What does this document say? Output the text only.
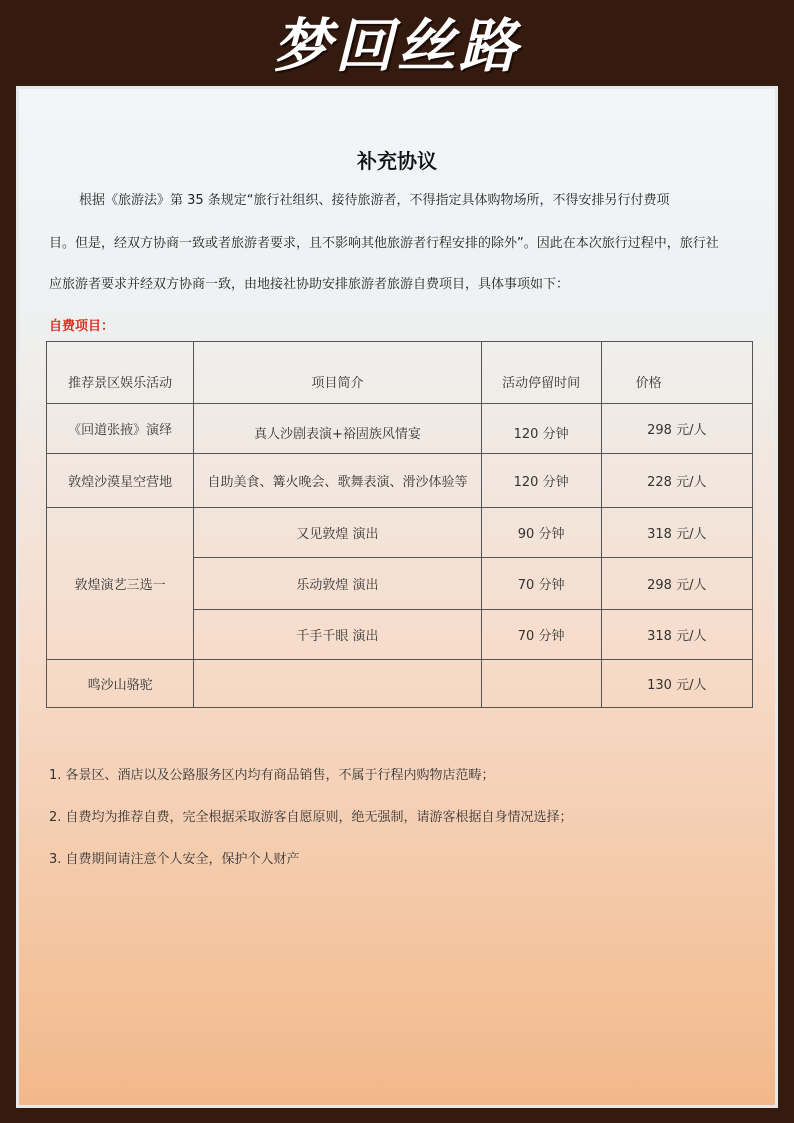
梦回丝路
补充协议
根据《旅游法》第 35 条规定“旅行社组织、接待旅游者，不得指定具体购物场所，不得安排另行付费项
目。但是，经双方协商一致或者旅游者要求，且不影响其他旅游者行程安排的除外”。因此在本次旅行过程中，旅行社
应旅游者要求并经双方协商一致，由地接社协助安排旅游者旅游自费项目，具体事项如下：
自费项目：
推荐景区娱乐活动	项目简介	活动停留时间	价格
《回道张掖》演绎	真人沙剧表演+裕固族风情宴	120 分钟	298 元/人
敦煌沙漠星空营地	自助美食、篝火晚会、歌舞表演、滑沙体验等	120 分钟	228 元/人
敦煌演艺三选一	又见敦煌 演出	90 分钟	318 元/人
	乐动敦煌 演出	70 分钟	298 元/人
	千手千眼 演出	70 分钟	318 元/人
鸣沙山骆驼			130 元/人
1. 各景区、酒店以及公路服务区内均有商品销售，不属于行程内购物店范畴；
2. 自费均为推荐自费，完全根据采取游客自愿原则，绝无强制，请游客根据自身情况选择；
3. 自费期间请注意个人安全，保护个人财产
